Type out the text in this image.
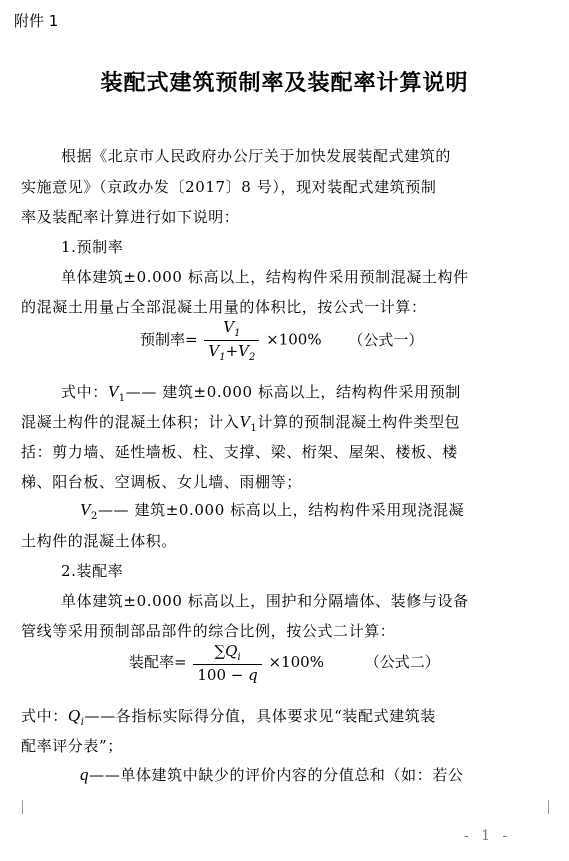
附件 1
装配式建筑预制率及装配率计算说明
根据《北京市人民政府办公厅关于加快发展装配式建筑的
实施意见》（京政办发〔2017〕8 号），现对装配式建筑预制
率及装配率计算进行如下说明：
1.预制率
单体建筑±0.000 标高以上，结构构件采用预制混凝土构件
的混凝土用量占全部混凝土用量的体积比，按公式一计算：
预制率= $\frac{V_1}{V_1+V_2} \times 100\%$ （公式一）
式中：$V_1——$ 建筑±0.000 标高以上，结构构件采用预制
混凝土构件的混凝土体积；计入$V_1$计算的预制混凝土构件类型包
括：剪力墙、延性墙板、柱、支撑、梁、桁架、屋架、楼板、楼
梯、阳台板、空调板、女儿墙、雨棚等；
$V_2——$ 建筑±0.000 标高以上，结构构件采用现浇混凝
土构件的混凝土体积。
2.装配率
单体建筑±0.000 标高以上，围护和分隔墙体、装修与设备
管线等采用预制部品部件的综合比例，按公式二计算：
装配率= $\frac{\sum Q_i}{100 - q} \times 100\%$	（公式二）
式中：$Q_i——$各指标实际得分值，具体要求见“装配式建筑装
配率评分表”；
q——单体建筑中缺少的评价内容的分值总和（如：若公
- 1 -
